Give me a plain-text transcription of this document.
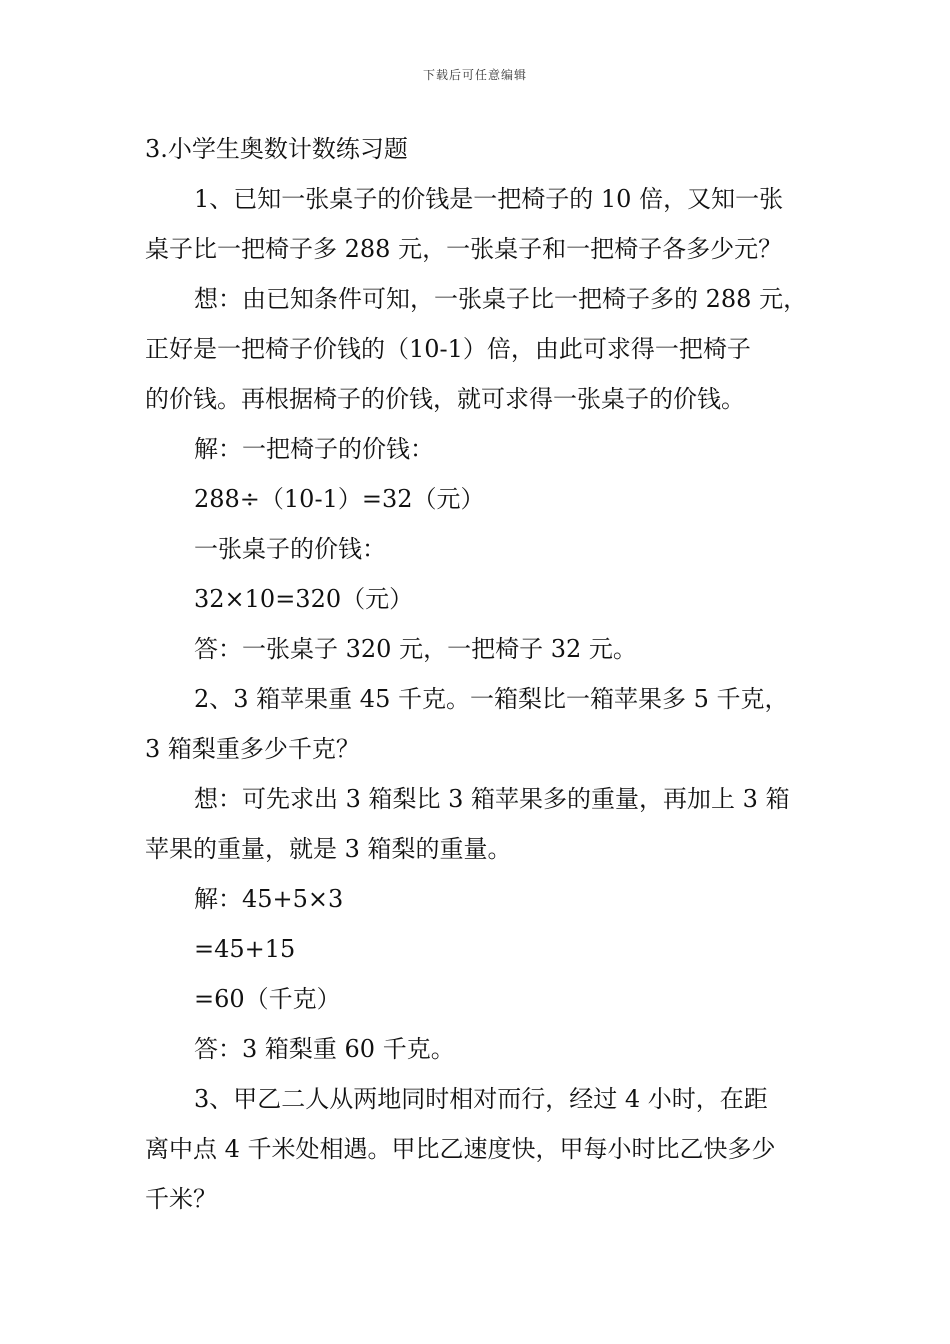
下载后可任意编辑

3.小学生奥数计数练习题

1、已知一张桌子的价钱是一把椅子的 10 倍，又知一张

桌子比一把椅子多 288 元，一张桌子和一把椅子各多少元？

想：由已知条件可知，一张桌子比一把椅子多的 288 元，

正好是一把椅子价钱的（10-1）倍，由此可求得一把椅子

的价钱。再根据椅子的价钱，就可求得一张桌子的价钱。

解：一把椅子的价钱：

288÷（10-1）=32（元）

一张桌子的价钱：

32×10=320（元）

答：一张桌子 320 元，一把椅子 32 元。

2、3 箱苹果重 45 千克。一箱梨比一箱苹果多 5 千克，

3 箱梨重多少千克？

想：可先求出 3 箱梨比 3 箱苹果多的重量，再加上 3 箱

苹果的重量，就是 3 箱梨的重量。

解：45+5×3

=45+15

=60（千克）

答：3 箱梨重 60 千克。

3、甲乙二人从两地同时相对而行，经过 4 小时，在距

离中点 4 千米处相遇。甲比乙速度快，甲每小时比乙快多少

千米？
